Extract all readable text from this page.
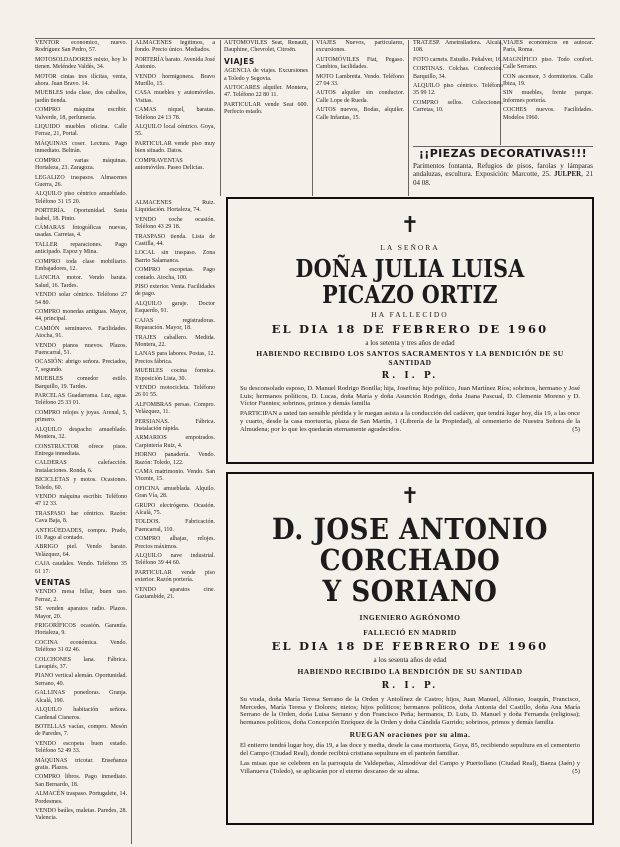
VENTOR económico, nuevo. Rodríguez San Pedro, 57.

MOTOSOLDADORES mixto, hoy lo tienen. Meléndez Valdés, 34.

MOTOR cintas tres ilícitas, venta, ahora. Juan Bravo. 14.

MUEBLES toda clase, dos caballos, jardín tienda.

COMPRO máquina escribir. Valverde, 18, perfumería.

LIQUIDO muebles oficina. Calle Ferraz, 21, Portal.

MÁQUINAS coser. Lectura. Pago inmediato. Beltrán.

COMPRO varias máquinas. Hortaleza, 23. Zaragoza.

LEGALIZO traspasos. Almacenes Guerra, 26.

ALQUILO piso céntrico amueblado. Teléfono 31 15 20.

PORTERÍA. Oportunidad. Santa Isabel, 18. Pinto.

CÁMARAS fotográficas nuevas, usadas. Carretas, 4.

TALLER reparaciones. Pago anticipado. Espoz y Mina.

COMPRO toda clase mobiliario. Embajadores, 12.

LANCHA motor. Vendo barata. Salud, 16. Tardes.

VENDO solar céntrico. Teléfono 27 54 80.

COMPRO monedas antiguas. Mayor, 44, principal.

CAMIÓN seminuevo. Facilidades. Atocha, 91.

VENDO pianos nuevos. Plazos. Fuencarral, 51.

OCASIÓN: abrigo señora. Preciados, 7, segundo.

MUEBLES comedor estilo. Barquillo, 19. Tardes.

PARCELAS Guadarrama. Luz, agua. Teléfono 25 33 01.

COMPRO relojes y joyas. Arenal, 5, primero.

ALQUILO despacho amueblado. Montera, 32.

CONSTRUCTOR ofrece pisos. Entrega inmediata.

CALDERAS calefacción. Instalaciones. Ronda, 6.

BICICLETAS y motos. Ocasiones. Toledo, 60.

VENDO máquina escribir. Teléfono 47 12 33.

TRASPASO bar céntrico. Razón: Cava Baja, 8.

ANTIGÜEDADES, compra. Prado, 10. Pago al contado.

ABRIGO piel. Vendo barato. Velázquez, 64.

CAJA caudales. Vendo. Teléfono 35 61 17.

VENTAS

VENDO mesa billar, buen uso. Ferraz, 2.

SE venden aparatos radio. Plazos. Mayor, 20.

FRIGORÍFICOS ocasión. Garantía. Hortaleza, 9.

COCINA económica. Vendo. Teléfono 31 02 46.

COLCHONES lana. Fábrica. Lavapiés, 37.

PIANO vertical alemán. Oportunidad. Serrano, 40.

GALLINAS ponedoras. Granja. Alcalá, 190.

ALQUILO habitación señora. Cardenal Cisneros.

BOTELLAS vacías, compro. Mesón de Paredes, 7.

VENDO escopeta buen estado. Teléfono 52 49 33.

MÁQUINAS tricotar. Enseñanza gratis. Plazos.

COMPRO libros. Pago inmediato. San Bernardo, 18.

ALMACÉN traspaso. Portugalete, 14. Pordesmes.

VENDO baúles, maletas. Paredes, 28. Valencia.

ALMACENES legítimos, a fondo. Precio único. Mediados.

PORTERÍA barato. Avenida José Antonio.

VENDO hormigonera. Bravo Murillo, 15.

CASA muebles y automóviles. Visitas.

CAMAS niquel, baratas. Teléfono 24 13 78.

ALQUILO local céntrico. Goya, 55.

PARTICULAR vende piso muy bien situado. Datos.

COMPRAVENTAS automóviles. Paseo Delicias.

ALMACENES Ruiz. Liquidación. Hortaleza, 74.

VENDO coche ocasión. Teléfono 43 29 18.

TRASPASO tienda. Lista de Castilla, 44.

LOCAL sin traspaso. Zona Barrio Salamanca.

COMPRO escopetas. Pago contado. Atocha, 100.

PISO exterior. Venta. Facilidades de pago.

ALQUILO garaje. Doctor Esquerdo, 91.

CAJAS registradoras. Reparación. Mayor, 18.

TRAJES caballero. Medida. Montera, 22.

LANAS para labores. Postas, 12. Precios fábrica.

MUEBLES cocina formica. Exposición Lista, 30.

VENDO motocicleta. Teléfono 26 01 55.

ALFOMBRAS persas. Compro. Velázquez, 11.

PERSIANAS. Fábrica. Instalación rápida.

ARMARIOS empotrados. Carpintería Ruiz, 4.

HORNO panadería. Vendo. Razón: Toledo, 122.

CAMA matrimonio. Vendo. San Vicente, 15.

OFICINA amueblada. Alquilo. Gran Vía, 28.

GRUPO electrógeno. Ocasión. Alcalá, 75.

TOLDOS. Fabricación. Fuencarral, 110.

COMPRO alhajas, relojes. Precios máximos.

ALQUILO nave industrial. Teléfono 39 44 60.

PARTICULAR vende piso exterior. Razón portería.

VENDO aparatos cine. Gaztambide, 21.

AUTOMÓVILES Seat, Renault, Dauphine, Chevrolet, Citroën.

VIAJES

AGENCIA de viajes. Excursiones a Toledo y Segovia.

AUTOCARES alquiler. Montera, 47. Teléfono 22 80 11.

PARTICULAR vende Seat 600. Perfecto estado.

VIAJES Nuevos, particulares, excursiones.

AUTOMÓVILES Fiat, Pegaso. Cambios, facilidades.

MOTO Lambretta. Vendo. Teléfono 27 04 33.

AUTOS alquiler sin conductor. Calle Lope de Rueda.

AUTOS nuevos, Bodas, alquiler. Calle Infantas, 15.

TRAT.ESP. Ametralladora. Alcalá, 108.

FOTO carnets. Estudio. Peñalver, 16.

CORTINAS. Colchas. Confección. Barquillo, 34.

ALQUILO piso céntrico. Teléfono 35 99 12.

COMPRO sellos. Colecciones. Carretas, 10.

VIAJES económicos en autocar. París, Roma.

MAGNÍFICO piso. Todo confort. Calle Serrano.

CON ascensor, 3 dormitorios. Calle Ibiza, 19.

SIN muebles, frente parque. Informes portería.

COCHES nuevos. Facilidades. Modelos 1960.

¡¡PIEZAS DECORATIVAS!!!
Parimentos fontanta, Refugios de pisos, farolas y lámparas andaluzas, escultura. Exposición: Marcotte, 25. JULPER, 21 04 08.
✝
LA SEÑORA
DOÑA JULIA LUISA PICAZO ORTIZ
HA FALLECIDO
EL DIA 18 DE FEBRERO DE 1960
a los setenta y tres años de edad
HABIENDO RECIBIDO LOS SANTOS SACRAMENTOS Y LA BENDICIÓN DE SU SANTIDAD
R. I. P.
Su desconsolado esposo, D. Manuel Rodrigo Bonilla; hija, Josefina; hijo político, Juan Martínez Ríos; sobrinos, hermano y José Luis; hermanos políticos, D. Lucas, doña María y doña Asunción Rodrigo, doña Juana Pascual, D. Clemente Moreno y D. Víctor Fuentes; sobrinos, primos y demás familia
PARTICIPAN a usted tan sensible pérdida y le ruegan asista a la conducción del cadáver, que tendrá lugar hoy, día 19, a las once y cuarto, desde la casa mortuoria, plaza de San Martín, 1 (Librería de la Propiedad), al cementerio de Nuestra Señora de la Almudena; por lo que les quedarán eternamente agradecidos.	(5)
✝
D. JOSE ANTONIO CORCHADO
Y SORIANO
INGENIERO AGRÓNOMO
FALLECIÓ EN MADRID
EL DIA 18 DE FEBRERO DE 1960
a los sesenta años de edad
HABIENDO RECIBIDO LA BENDICIÓN DE SU SANTIDAD
R. I. P.
Su viuda, doña María Teresa Serrano de la Orden y Antolínez de Castro; hijos, Juan Manuel, Alfonso, Joaquín, Francisco, Mercedes, María Teresa y Dolores; nietos; hijos políticos; hermanos políticos, doña Antonia del Castillo, doña Ana María Serrano de la Orden, doña Luisa Serrano y don Francisco Peña; hermanos, D. Luis, D. Manuel y doña Fernanda (religiosa); hermanos políticos, doña Concepción Enríquez de la Orden y doña Cándida Garrido; sobrinos, primos y demás familia
RUEGAN oraciones por su alma.
El entierro tendrá lugar hoy, día 19, a las doce y media, desde la casa mortuoria, Goya, 85, recibiendo sepultura en el cementerio del Campo (Ciudad Real), donde recibirá cristiana sepultura en el panteón familiar.
Las misas que se celebren en la parroquia de Valdepeñas, Almodóvar del Campo y Puertollano (Ciudad Real), Baeza (Jaén) y Villanueva (Toledo), se aplicarán por el eterno descanso de su alma.	(5)
